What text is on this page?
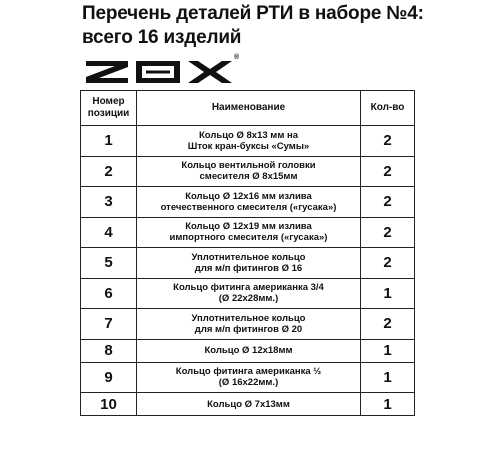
Перечень деталей РТИ в наборе №4:
всего 16 изделий
®
Номер
позиции	Наименование	Кол-во
1	Кольцо Ø 8x13 мм на
Шток кран-буксы «Сумы»	2
2	Кольцо вентильной головки
смесителя Ø 8x15мм	2
3	Кольцо Ø 12x16 мм излива
отечественного смесителя («гусака»)	2
4	Кольцо Ø 12x19 мм излива
импортного смесителя («гусака»)	2
5	Уплотнительное кольцо
для м/п фитингов Ø 16	2
6	Кольцо фитинга американка 3/4
(Ø 22x28мм.)	1
7	Уплотнительное кольцо
для м/п фитингов Ø 20	2
8	Кольцо Ø 12x18мм	1
9	Кольцо фитинга американка ½
(Ø 16x22мм.)	1
10	Кольцо Ø 7x13мм	1
